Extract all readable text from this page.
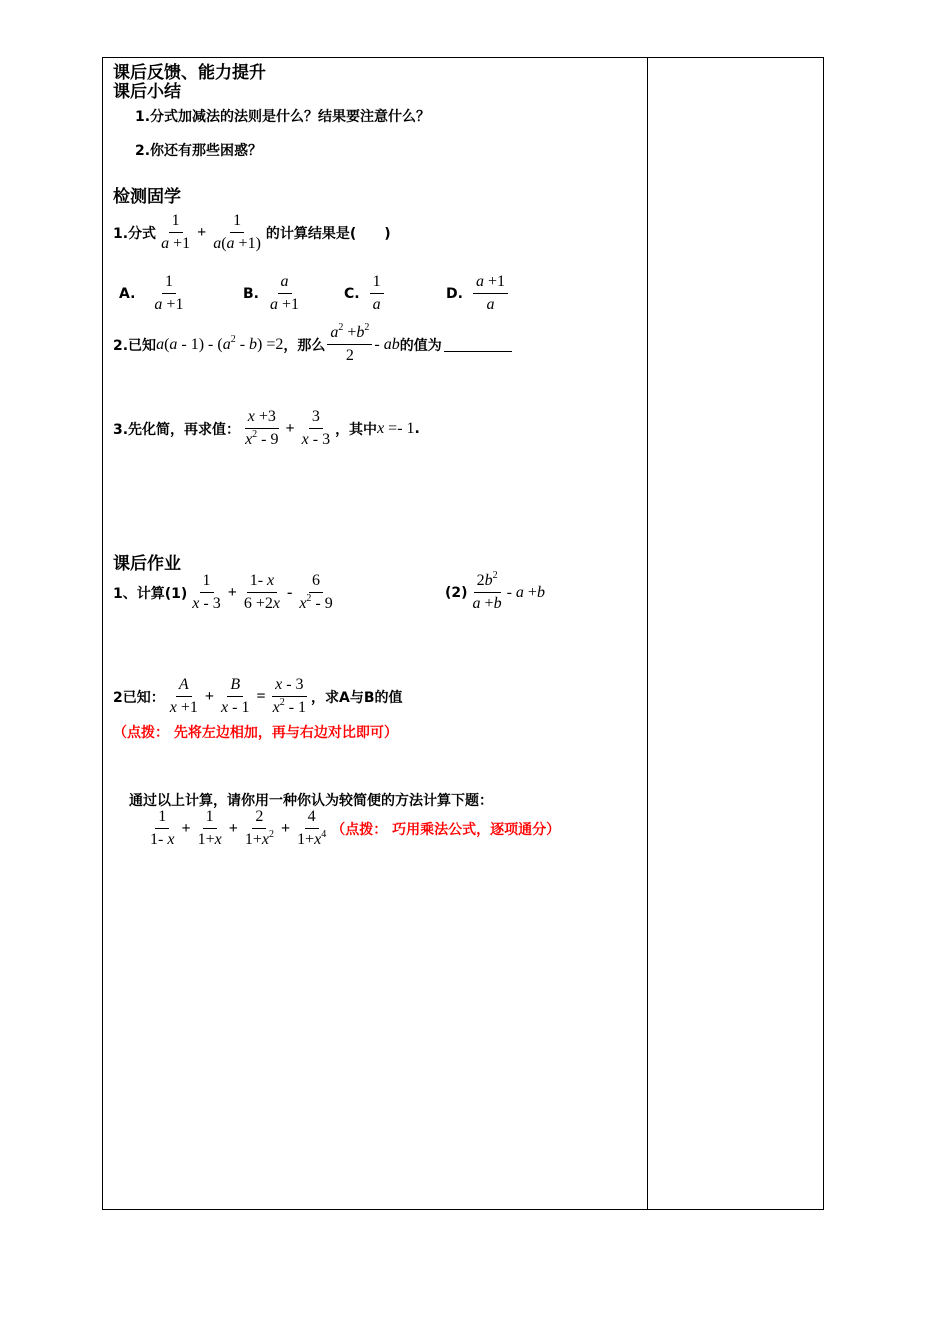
课后反馈、能力提升
课后小结
1.分式加减法的法则是什么？结果要注意什么？
2.你还有那些困惑？
检测固学
1.分式 $\frac{1}{a +1} + \frac{1}{a(a +1)}$ 的计算结果是(　　)
A. $\frac{1}{a +1}$	B. $\frac{a}{a +1}$	C. $\frac{1}{a}$	D. $\frac{a +1}{a}$
2.已知 $a(a - 1) - (a^2 - b) =2$ ，那么 $\frac{a^2 +b^2}{2}$ - ab 的值为
3.先化简，再求值： $\frac{x +3}{x^2 - 9} + \frac{3}{x - 3}$ ，其中 x =- 1 .
课后作业
1、计算$(1) \frac{1}{x - 3} + \frac{1- x}{6 +2x} - \frac{6}{x^2 - 9}$	$(2) \frac{2b^2}{a +b} - a +b$
2已知： $\frac{A}{x +1} + \frac{B}{x - 1} = \frac{x - 3}{x^2 - 1}$ ，求A与B的值
（点拨： 先将左边相加，再与右边对比即可）
通过以上计算，请你用一种你认为较简便的方法计算下题：
$\frac{1}{1- x} + \frac{1}{1+x} + \frac{2}{1+x^2} + \frac{4}{1+x^4}$ （点拨： 巧用乘法公式，逐项通分）
